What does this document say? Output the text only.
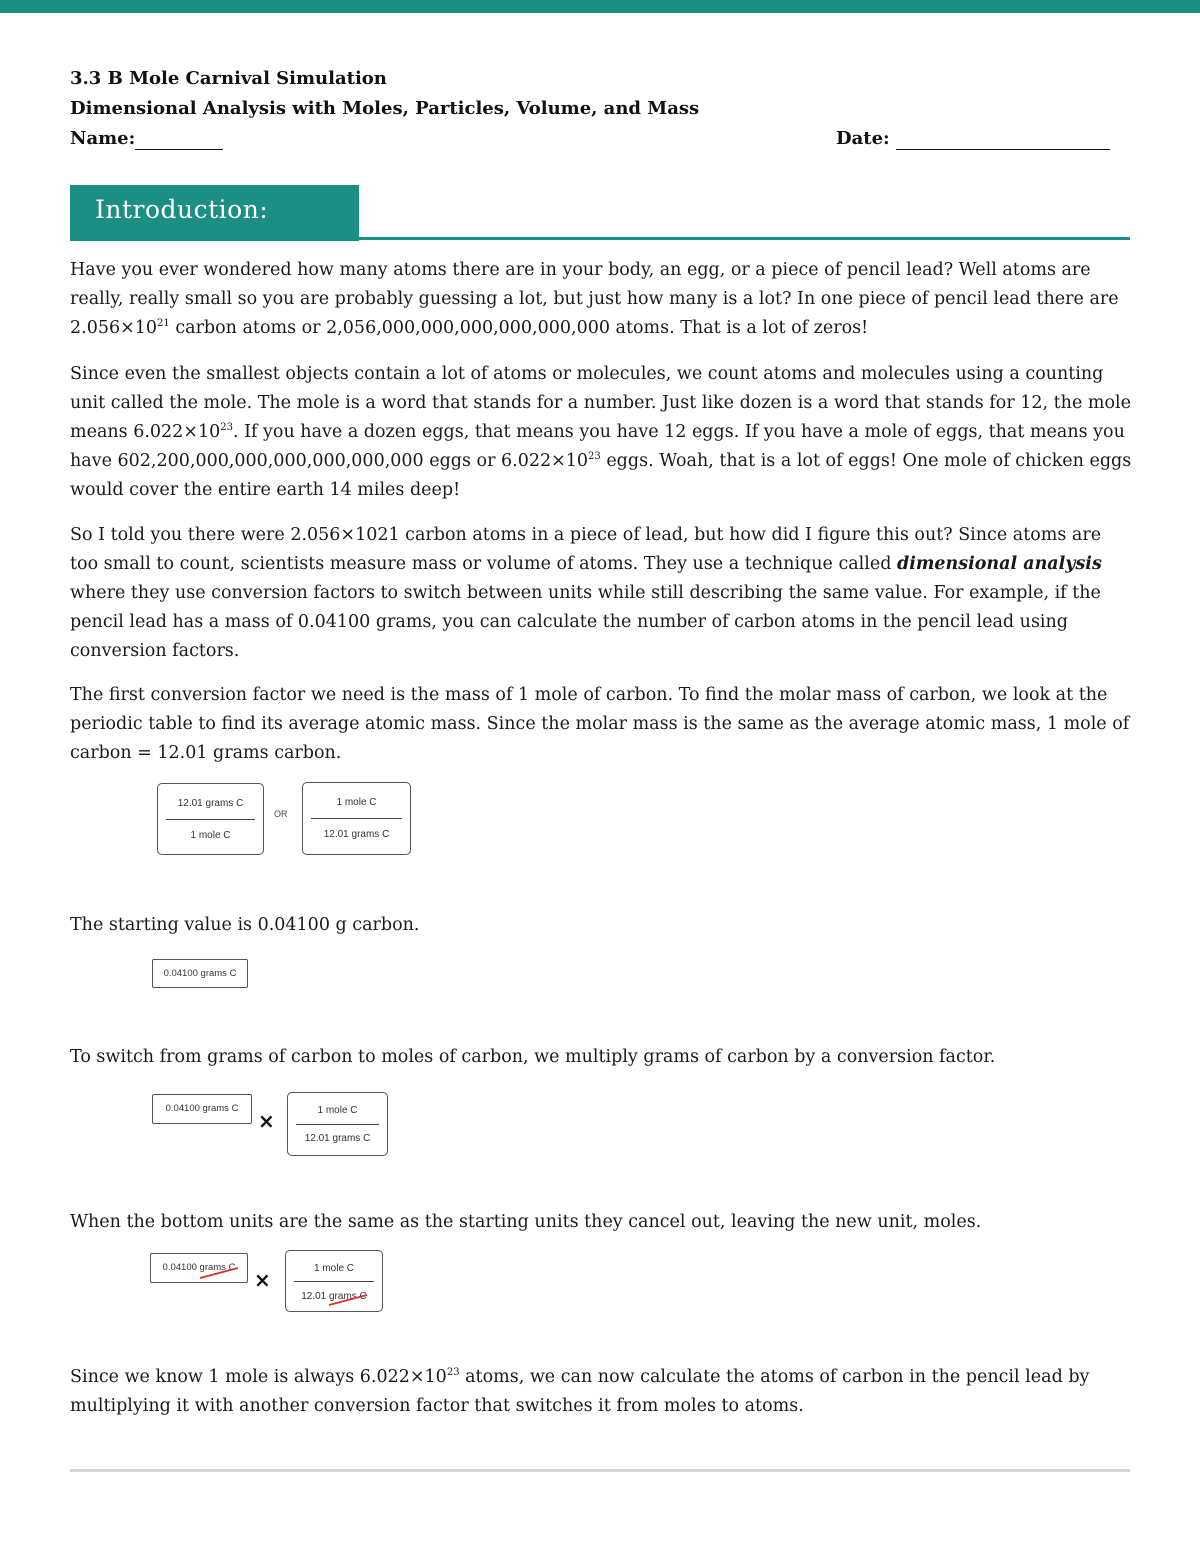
3.3 B Mole Carnival Simulation
Dimensional Analysis with Moles, Particles, Volume, and Mass
Name:	Date:
Introduction:
Have you ever wondered how many atoms there are in your body, an egg, or a piece of pencil lead? Well atoms are really, really small so you are probably guessing a lot, but just how many is a lot? In one piece of pencil lead there are $2.056\times 10^{21}$ carbon atoms or 2,056,000,000,000,000,000,000 atoms. That is a lot of zeros!
Since even the smallest objects contain a lot of atoms or molecules, we count atoms and molecules using a counting unit called the mole. The mole is a word that stands for a number. Just like dozen is a word that stands for 12, the mole means $6.022\times 10^{23}$. If you have a dozen eggs, that means you have 12 eggs. If you have a mole of eggs, that means you have 602,200,000,000,000,000,000,000 eggs or $6.022\times 10^{23}$ eggs. Woah, that is a lot of eggs! One mole of chicken eggs would cover the entire earth 14 miles deep!
So I told you there were 2.056×1021 carbon atoms in a piece of lead, but how did I figure this out? Since atoms are too small to count, scientists measure mass or volume of atoms. They use a technique called dimensional analysis where they use conversion factors to switch between units while still describing the same value. For example, if the pencil lead has a mass of 0.04100 grams, you can calculate the number of carbon atoms in the pencil lead using conversion factors.
The first conversion factor we need is the mass of 1 mole of carbon. To find the molar mass of carbon, we look at the periodic table to find its average atomic mass. Since the molar mass is the same as the average atomic mass, 1 mole of carbon = 12.01 grams carbon.
12.01 grams C
1 mole C
OR
1 mole C
12.01 grams C
The starting value is 0.04100 g carbon.
0.04100 grams C
To switch from grams of carbon to moles of carbon, we multiply grams of carbon by a conversion factor.
0.04100 grams C
×	1 mole C
12.01 grams C
When the bottom units are the same as the starting units they cancel out, leaving the new unit, moles.
0.04100 grams C
×	1 mole C
12.01 grams C
Since we know 1 mole is always $6.022\times 10^{23}$ atoms, we can now calculate the atoms of carbon in the pencil lead by multiplying it with another conversion factor that switches it from moles to atoms.
